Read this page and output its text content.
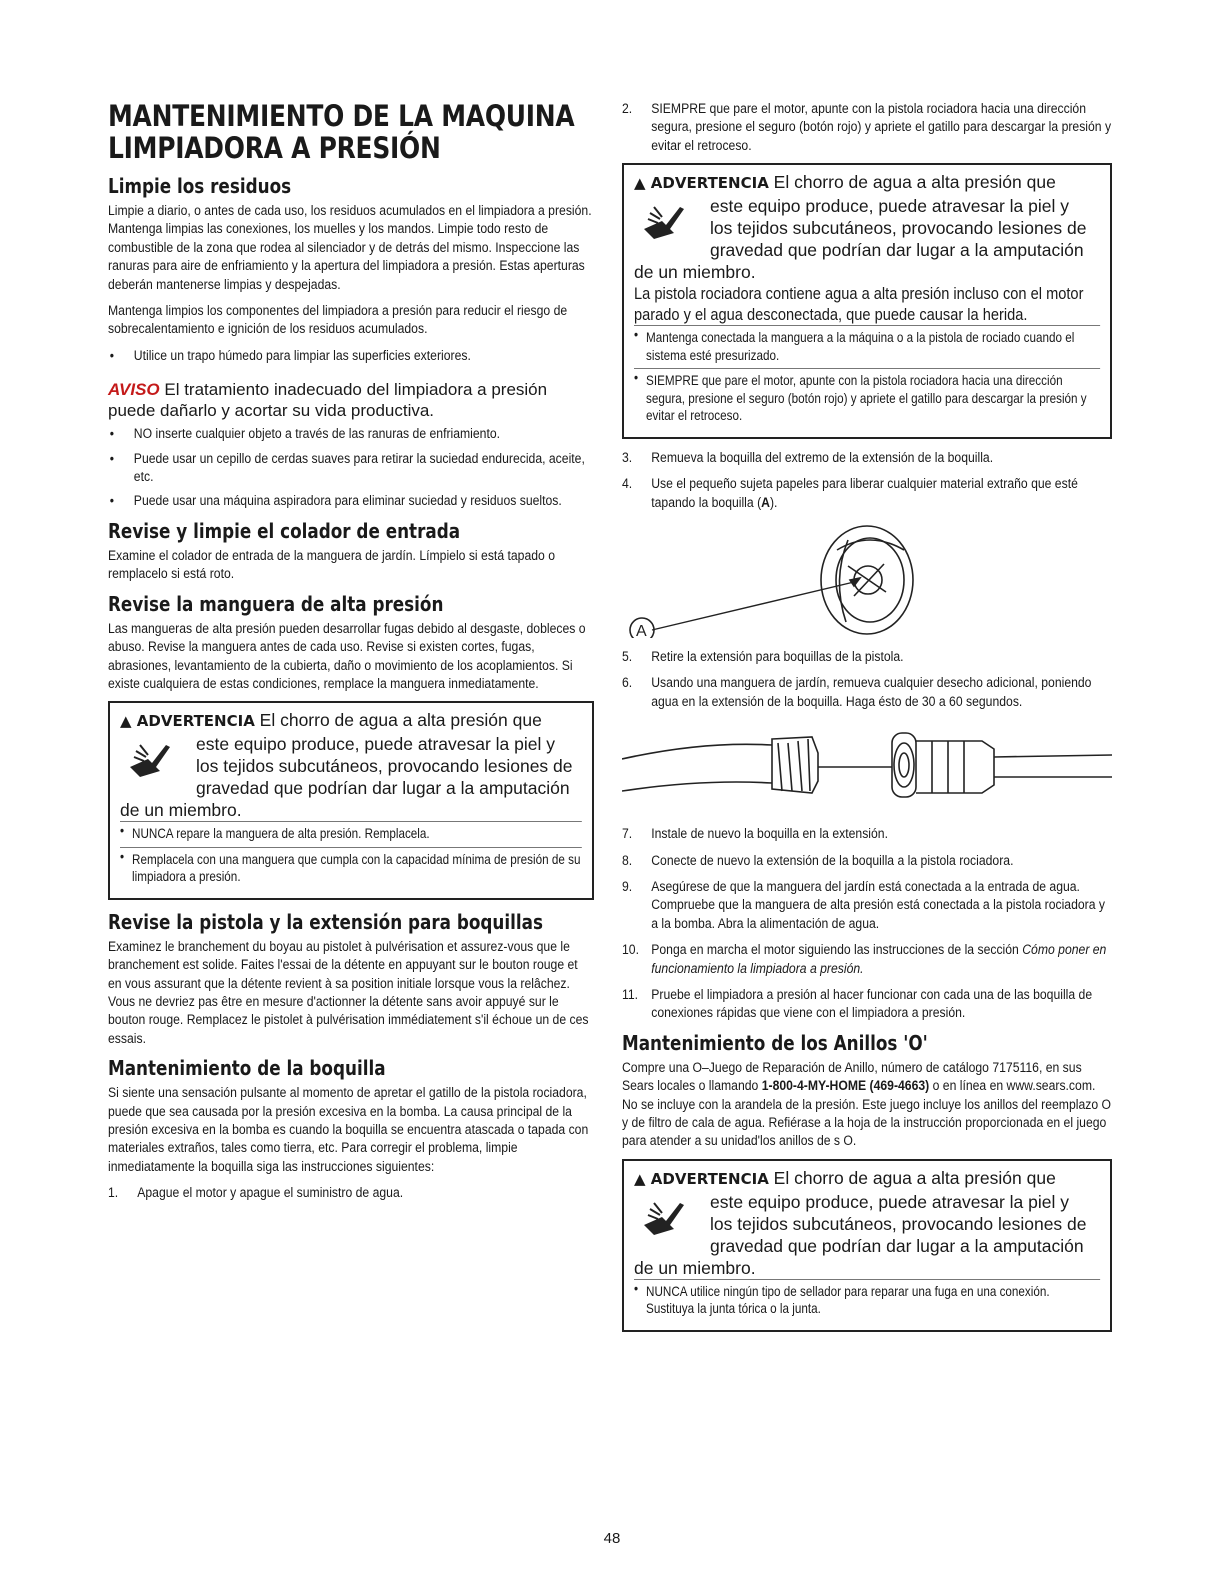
MANTENIMIENTO DE LA MAQUINA
LIMPIADORA A PRESIÓN
Limpie los residuos

Limpie a diario, o antes de cada uso, los residuos acumulados en el limpiadora a presión. Mantenga limpias las conexiones, los muelles y los mandos. Limpie todo resto de combustible de la zona que rodea al silenciador y de detrás del mismo. Inspeccione las ranuras para aire de enfriamiento y la apertura del limpiadora a presión. Estas aperturas deberán mantenerse limpias y despejadas.

Mantenga limpios los componentes del limpiadora a presión para reducir el riesgo de sobrecalentamiento e ignición de los residuos acumulados.

• Utilice un trapo húmedo para limpiar las superficies exteriores.
AVISO El tratamiento inadecuado del limpiadora a presión puede dañarlo y acortar su vida productiva.
• NO inserte cualquier objeto a través de las ranuras de enfriamiento.
• Puede usar un cepillo de cerdas suaves para retirar la suciedad endurecida, aceite, etc.
• Puede usar una máquina aspiradora para eliminar suciedad y residuos sueltos.
Revise y limpie el colador de entrada

Examine el colador de entrada de la manguera de jardín. Límpielo si está tapado o remplacelo si está roto.

Revise la manguera de alta presión

Las mangueras de alta presión pueden desarrollar fugas debido al desgaste, dobleces o abuso. Revise la manguera antes de cada uso. Revise si existen cortes, fugas, abrasiones, levantamiento de la cubierta, daño o movimiento de los acoplamientos. Si existe cualquiera de estas condiciones, remplace la manguera inmediatamente.

▲ ADVERTENCIA El chorro de agua a alta presión que
este equipo produce, puede atravesar la piel y
los tejidos subcutáneos, provocando lesiones de
gravedad que podrían dar lugar a la amputación
de un miembro.
• NUNCA repare la manguera de alta presión. Remplacela.
• Remplacela con una manguera que cumpla con la capacidad mínima de presión de su limpiadora a presión.
Revise la pistola y la extensión para boquillas

Examinez le branchement du boyau au pistolet à pulvérisation et assurez-vous que le branchement est solide. Faites l'essai de la détente en appuyant sur le bouton rouge et en vous assurant que la détente revient à sa position initiale lorsque vous la relâchez. Vous ne devriez pas être en mesure d'actionner la détente sans avoir appuyé sur le bouton rouge. Remplacez le pistolet à pulvérisation immédiatement s'il échoue un de ces essais.

Mantenimiento de la boquilla

Si siente una sensación pulsante al momento de apretar el gatillo de la pistola rociadora, puede que sea causada por la presión excesiva en la bomba. La causa principal de la presión excesiva en la bomba es cuando la boquilla se encuentra atascada o tapada con materiales extraños, tales como tierra, etc. Para corregir el problema, limpie inmediatamente la boquilla siga las instrucciones siguientes:

1. Apague el motor y apague el suministro de agua.
2. SIEMPRE que pare el motor, apunte con la pistola rociadora hacia una dirección segura, presione el seguro (botón rojo) y apriete el gatillo para descargar la presión y evitar el retroceso.
▲ ADVERTENCIA El chorro de agua a alta presión que
este equipo produce, puede atravesar la piel y
los tejidos subcutáneos, provocando lesiones de
gravedad que podrían dar lugar a la amputación
de un miembro.
La pistola rociadora contiene agua a alta presión incluso con el motor parado y el agua desconectada, que puede causar la herida.
• Mantenga conectada la manguera a la máquina o a la pistola de rociado cuando el sistema esté presurizado.
• SIEMPRE que pare el motor, apunte con la pistola rociadora hacia una dirección segura, presione el seguro (botón rojo) y apriete el gatillo para descargar la presión y evitar el retroceso.
3. Remueva la boquilla del extremo de la extensión de la boquilla.
4. Use el pequeño sujeta papeles para liberar cualquier material extraño que esté tapando la boquilla (A).
A
5. Retire la extensión para boquillas de la pistola.
6. Usando una manguera de jardín, remueva cualquier desecho adicional, poniendo agua en la extensión de la boquilla. Haga ésto de 30 a 60 segundos.
7. Instale de nuevo la boquilla en la extensión.
8. Conecte de nuevo la extensión de la boquilla a la pistola rociadora.
9. Asegúrese de que la manguera del jardín está conectada a la entrada de agua. Compruebe que la manguera de alta presión está conectada a la pistola rociadora y a la bomba. Abra la alimentación de agua.
10. Ponga en marcha el motor siguiendo las instrucciones de la sección Cómo poner en funcionamiento la limpiadora a presión.
11. Pruebe el limpiadora a presión al hacer funcionar con cada una de las boquilla de conexiones rápidas que viene con el limpiadora a presión.
Mantenimiento de los Anillos 'O'

Compre una O–Juego de Reparación de Anillo, número de catálogo 7175116, en sus Sears locales o llamando 1-800-4-MY-HOME (469-4663) o en línea en www.sears.com. No se incluye con la arandela de la presión. Este juego incluye los anillos del reemplazo O y de filtro de cala de agua. Refiérase a la hoja de la instrucción proporcionada en el juego para atender a su unidad'los anillos de s O.

▲ ADVERTENCIA El chorro de agua a alta presión que
este equipo produce, puede atravesar la piel y
los tejidos subcutáneos, provocando lesiones de
gravedad que podrían dar lugar a la amputación
de un miembro.
• NUNCA utilice ningún tipo de sellador para reparar una fuga en una conexión. Sustituya la junta tórica o la junta.
48
